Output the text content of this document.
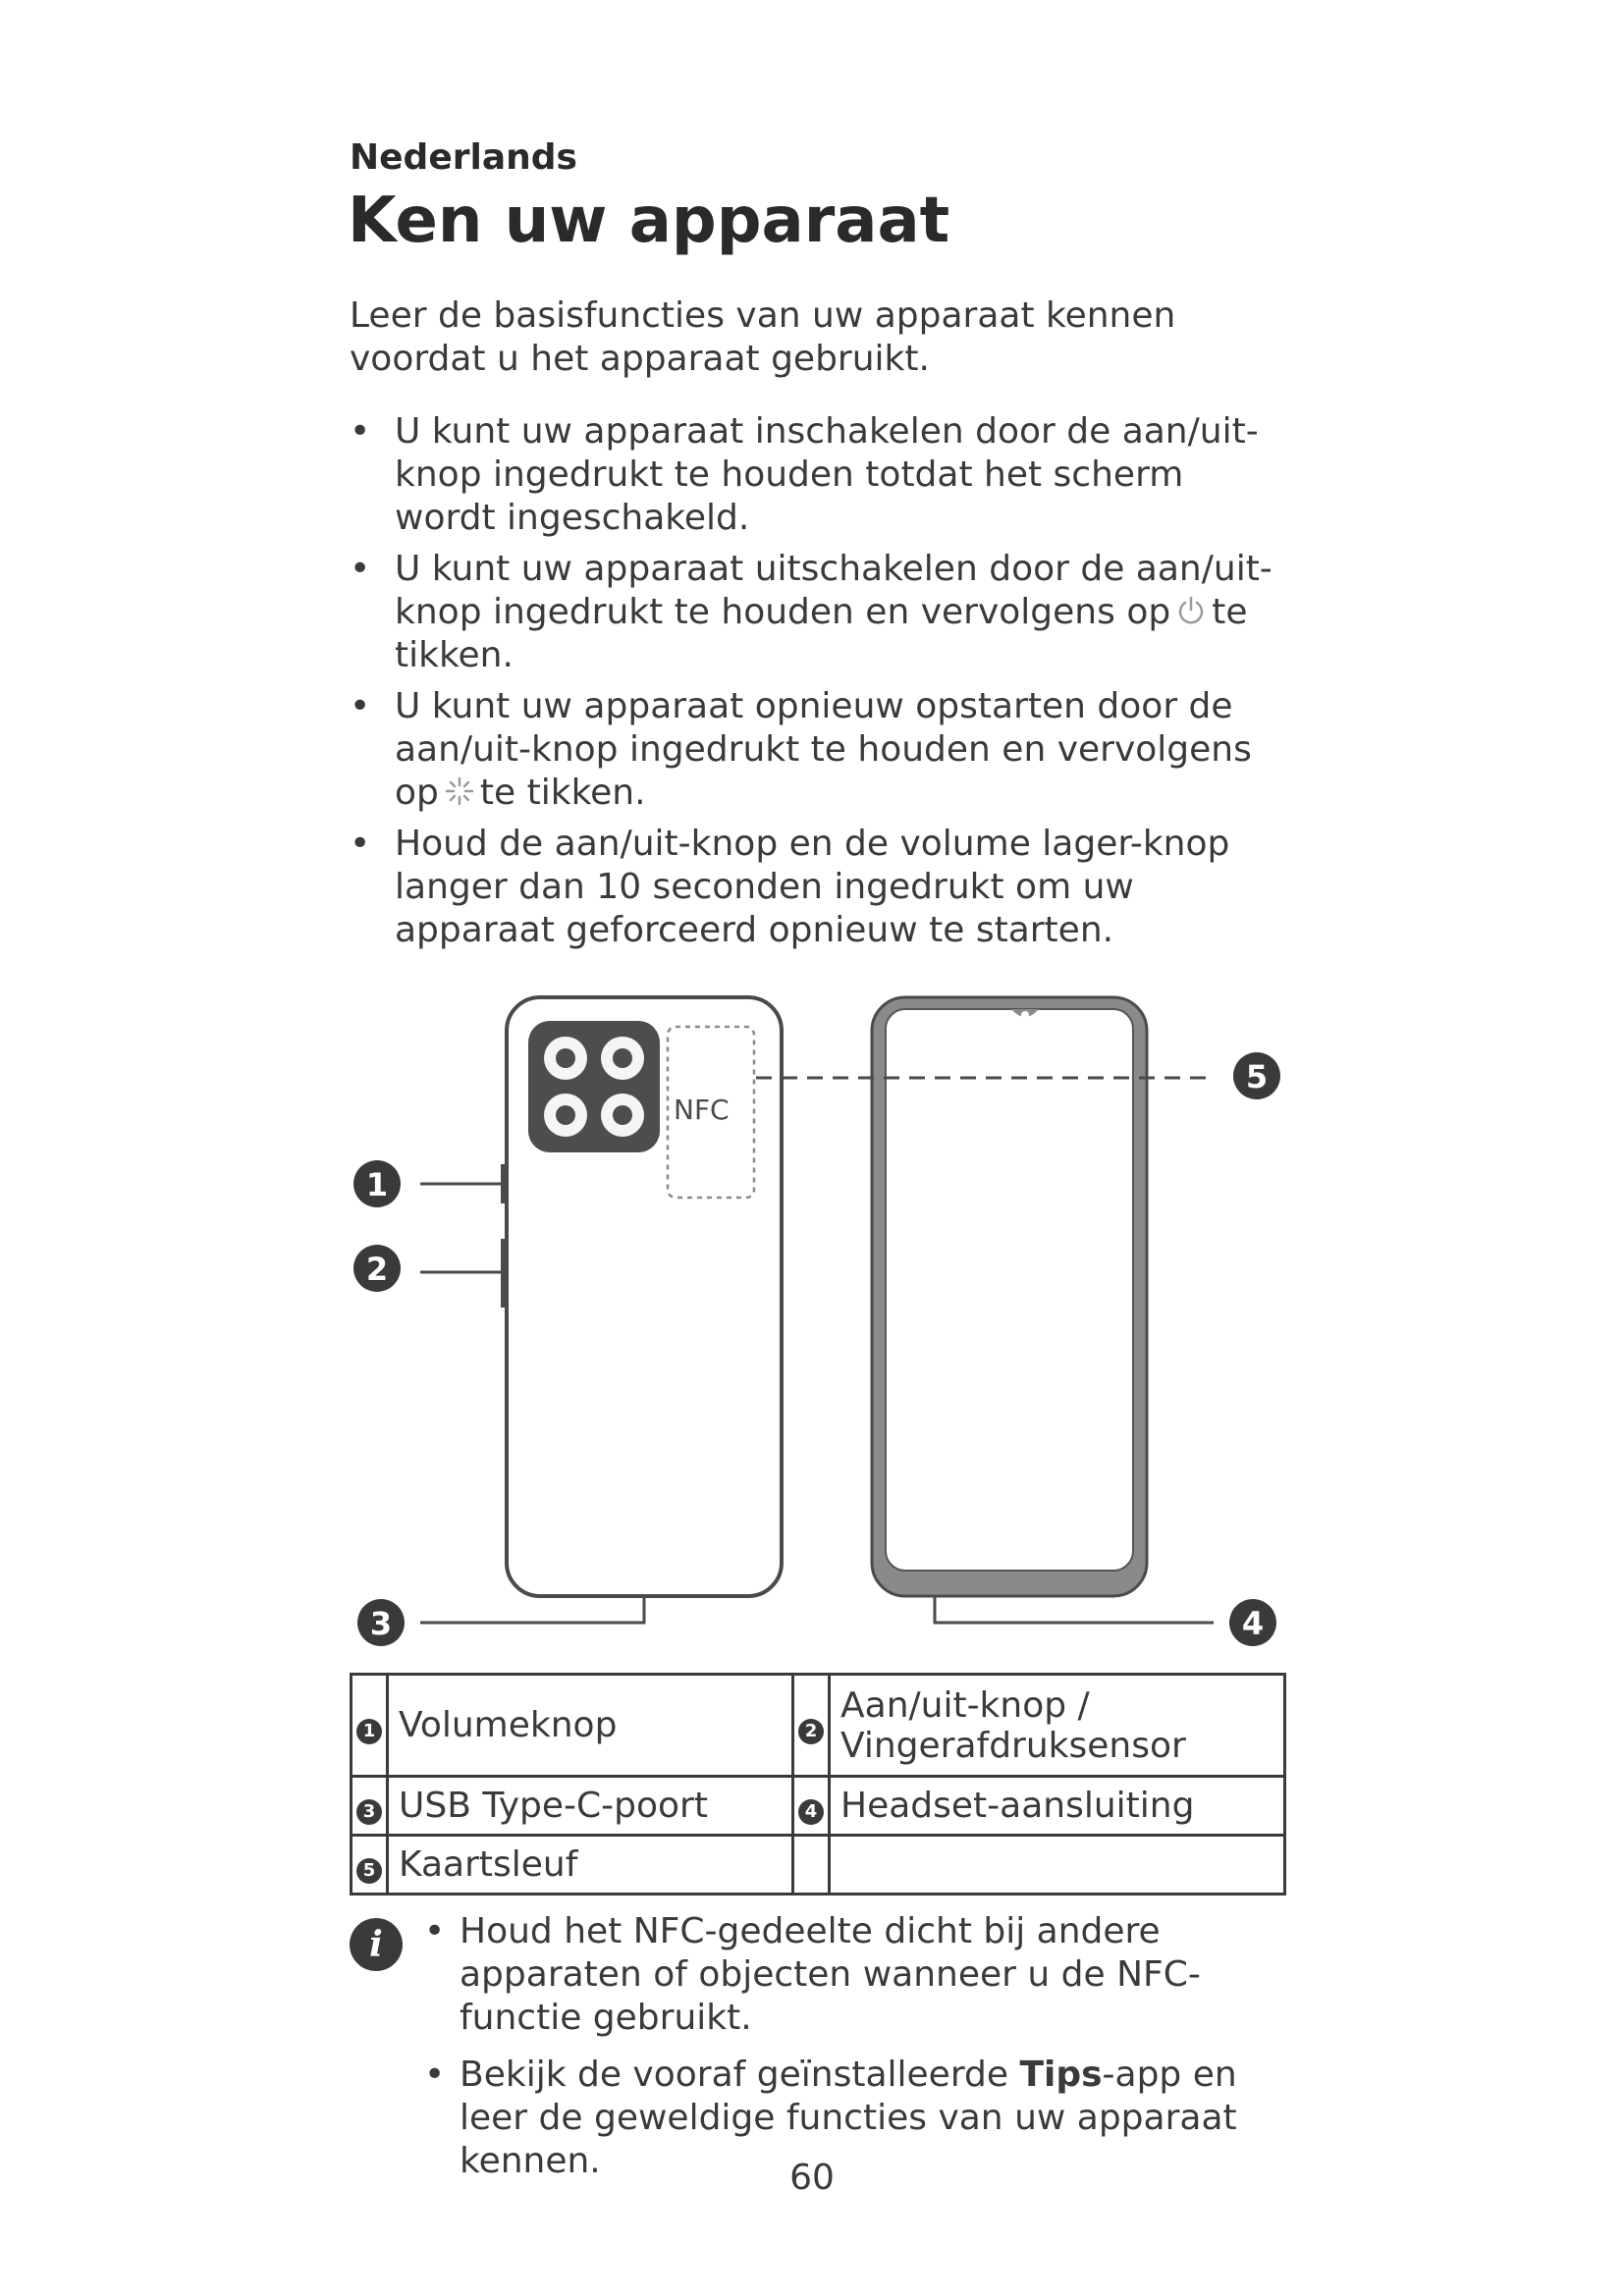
Nederlands
Ken uw apparaat
Leer de basisfuncties van uw apparaat kennen voordat u het apparaat gebruikt.
• U kunt uw apparaat inschakelen door de aan/uit-knop ingedrukt te houden totdat het scherm wordt ingeschakeld.
• U kunt uw apparaat uitschakelen door de aan/uit-knop ingedrukt te houden en vervolgens op te tikken.
• U kunt uw apparaat opnieuw opstarten door de aan/uit-knop ingedrukt te houden en vervolgens op te tikken.
• Houd de aan/uit-knop en de volume lager-knop langer dan 10 seconden ingedrukt om uw apparaat geforceerd opnieuw te starten.
NFC
1
2
3	4
5
1	Volumeknop	2	Aan/uit-knop / Vingerafdruksensor
3	USB Type-C-poort	4	Headset-aansluiting
5	Kaartsleuf		
i	• Houd het NFC-gedeelte dicht bij andere apparaten of objecten wanneer u de NFC-functie gebruikt.
• Bekijk de vooraf geïnstalleerde Tips-app en leer de geweldige functies van uw apparaat kennen.	60
